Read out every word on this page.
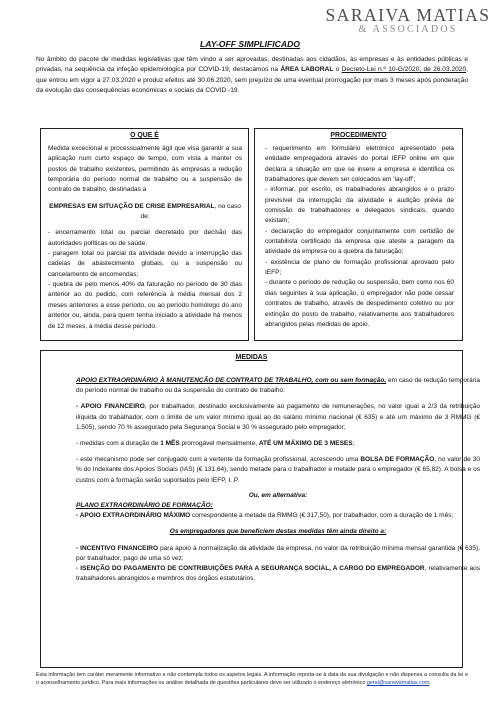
SARAIVA MATIAS
& ASSOCIADOS
LAY-OFF SIMPLIFICADO
No âmbito do pacote de medidas legislativas que têm vindo a ser aprovadas, destinadas aos cidadãos, às empresas e às entidades públicas e privadas, na sequência da infeção epidemiológica por COVID-19, destacamos na ÁREA LABORAL o Decreto-Lei n.º 10-G/2020, de 26.03.2020, que entrou em vigor a 27.03.2020 e produz efeitos até 30.06.2020, sem prejuízo de uma eventual prorrogação por mais 3 meses após ponderação da evolução das consequências económicas e sociais da COVID -19.
O QUE É
Medida excecional e processualmente ágil que visa garantir a sua aplicação num curto espaço de tempo, com vista a manter os postos de trabalho existentes, permitindo às empresas a redução temporária do período normal de trabalho ou a suspensão de contrato de trabalho, destinadas a
EMPRESAS EM SITUAÇÃO DE CRISE EMPRESARIAL, no caso de:
- encerramento total ou parcial decretado por decisão das autoridades políticas ou de saúde;
- paragem total ou parcial da atividade devido a interrupção das cadeias de abastecimento globais, ou a suspensão ou cancelamento de encomendas;
- quebra de pelo menos 40% da faturação no período de 30 dias anterior ao do pedido, com referência à média mensal dos 2 meses anteriores a esse período, ou ao período homólogo do ano anterior ou, ainda, para quem tenha iniciado a atividade há menos de 12 meses, à média desse período.
PROCEDIMENTO
- requerimento em formulário eletrónico apresentado pela entidade empregadora através do portal IEFP online em que declara a situação em que se insere a empresa e identifica os trabalhadores que devem ser colocados em 'lay-off';
- informar, por escrito, os trabalhadores abrangidos e o prazo previsível da interrupção da atividade e audição prévia de comissão de trabalhadores e delegados sindicais, quando existam;
- declaração do empregador conjuntamente com certidão de contabilista certificado da empresa que ateste a paragem da atividade da empresa ou a quebra da faturação;
- existência de plano de formação profissional aprovado pelo IEFP;
- durante o período de redução ou suspensão, bem como nos 60 dias seguintes à sua aplicação, o empregador não pode cessar contratos de trabalho, através de despedimento coletivo ou por extinção do posto de trabalho, relativamente aos trabalhadores abrangidos pelas medidas de apoio.
MEDIDAS

APOIO EXTRAORDINÁRIO À MANUTENÇÃO DE CONTRATO DE TRABALHO, com ou sem formação, em caso de redução temporária do período normal de trabalho ou da suspensão do contrato de trabalho:

- APOIO FINANCEIRO, por trabalhador, destinado exclusivamente ao pagamento de remunerações, no valor igual a 2/3 da retribuição ilíquida do trabalhador, com o limite de um valor mínimo igual ao do salário mínimo nacional (€ 635) e até um máximo de 3 RMMG (€ 1.505), sendo 70 % assegurado pela Segurança Social e 30 % assegurado pelo empregador;

- medidas com a duração de 1 MÊS prorrogável mensalmente, ATÉ UM MÁXIMO DE 3 MESES;

- este mecanismo pode ser conjugado com a vertente da formação profissional, acrescendo uma BOLSA DE FORMAÇÃO, no valor de 30 % do Indexante dos Apoios Sociais (IAS) (€ 131,64), sendo metade para o trabalhador e metade para o empregador (€ 65,82). A bolsa e os custos com a formação serão suportados pelo IEFP, I. P.

Ou, em alternativa:

PLANO EXTRAORDINÁRIO DE FORMAÇÃO:

- APOIO EXTRAORDINÁRIO MÁXIMO correspondente a metade da RMMG (€ 317,50), por trabalhador, com a duração de 1 mês;

Os empregadores que beneficiem destas medidas têm ainda direito a:

- INCENTIVO FINANCEIRO para apoio à normalização da atividade da empresa, no valor da retribuição mínima mensal garantida (€ 635), por trabalhador, pago de uma só vez;

- ISENÇÃO DO PAGAMENTO DE CONTRIBUIÇÕES PARA A SEGURANÇA SOCIAL, A CARGO DO EMPREGADOR, relativamente aos trabalhadores abrangidos e membros dos órgãos estatutários.

Esta informação tem caráter meramente informativo e não contempla todos os aspetos legais. A informação reporta-se à data da sua divulgação e não dispensa a consulta da lei e o aconselhamento jurídico. Para mais informações ou análise detalhada de questões particulares deve ser utilizado o endereço eletrónico geral@saraivamatias.com.
